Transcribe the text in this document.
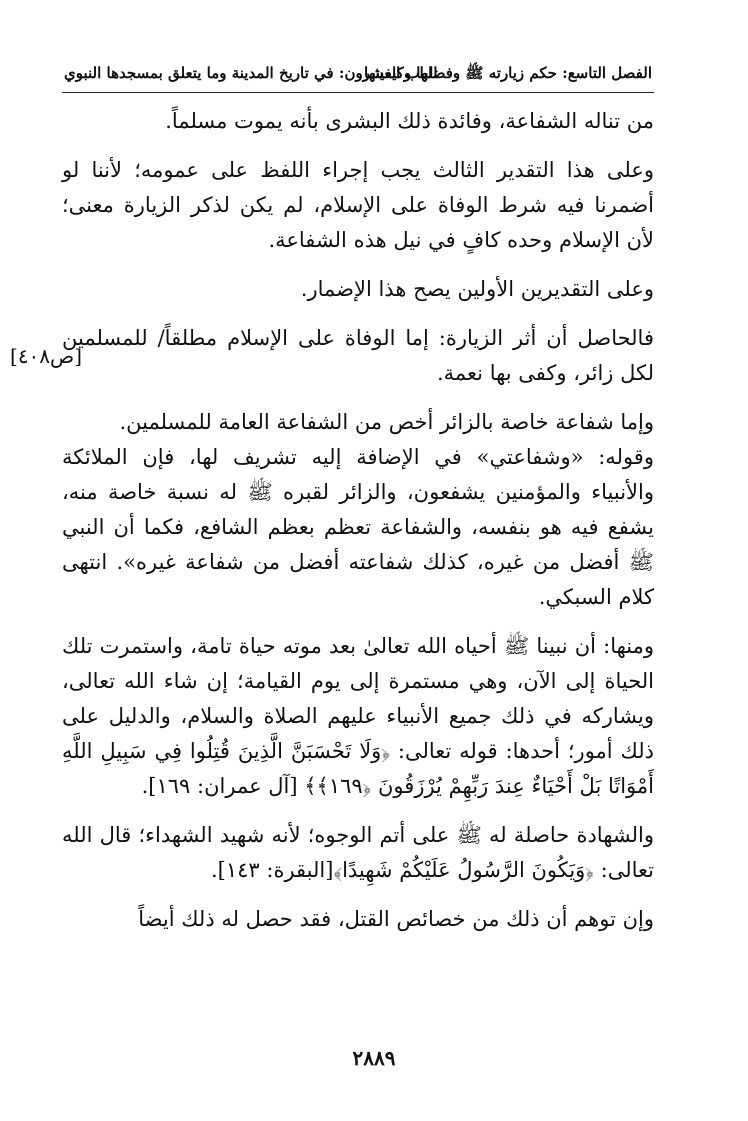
الفصل التاسع: حكم زيارته ﷺ وفضلها وكيفيتها
الباب العشرون: في تاريخ المدينة وما يتعلق بمسجدها النبوي

من تناله الشفاعة، وفائدة ذلك البشرى بأنه يموت مسلماً.

وعلى هذا التقدير الثالث يجب إجراء اللفظ على عمومه؛ لأننا لو أضمرنا فيه شرط الوفاة على الإسلام، لم يكن لذكر الزيارة معنى؛ لأن الإسلام وحده كافٍ في نيل هذه الشفاعة.

وعلى التقديرين الأولين يصح هذا الإضمار.

فالحاصل أن أثر الزيارة: إما الوفاة على الإسلام مطلقاً/ للمسلمين لكل زائر، وكفى بها نعمة.

وإما شفاعة خاصة بالزائر أخص من الشفاعة العامة للمسلمين.

وقوله: «وشفاعتي» في الإضافة إليه تشريف لها، فإن الملائكة والأنبياء والمؤمنين يشفعون، والزائر لقبره ﷺ له نسبة خاصة منه، يشفع فيه هو بنفسه، والشفاعة تعظم بعظم الشافع، فكما أن النبي ﷺ أفضل من غيره، كذلك شفاعته أفضل من شفاعة غيره». انتهى كلام السبكي.

ومنها: أن نبينا ﷺ أحياه الله تعالىٰ بعد موته حياة تامة، واستمرت تلك الحياة إلى الآن، وهي مستمرة إلى يوم القيامة؛ إن شاء الله تعالى، ويشاركه في ذلك جميع الأنبياء عليهم الصلاة والسلام، والدليل على ذلك أمور؛ أحدها: قوله تعالى: ﴿وَلَا تَحْسَبَنَّ الَّذِينَ قُتِلُوا فِي سَبِيلِ اللَّهِ أَمْوَاتًا بَلْ أَحْيَاءٌ عِندَ رَبِّهِمْ يُرْزَقُونَ ﴿١٦٩﴾﴾ [آل عمران: ١٦٩].

والشهادة حاصلة له ﷺ على أتم الوجوه؛ لأنه شهيد الشهداء؛ قال الله تعالى: ﴿وَيَكُونَ الرَّسُولُ عَلَيْكُمْ شَهِيدًا﴾[البقرة: ١٤٣].

وإن توهم أن ذلك من خصائص القتل، فقد حصل له ذلك أيضاً

[ص٤٠٨]
٢٨٨٩
